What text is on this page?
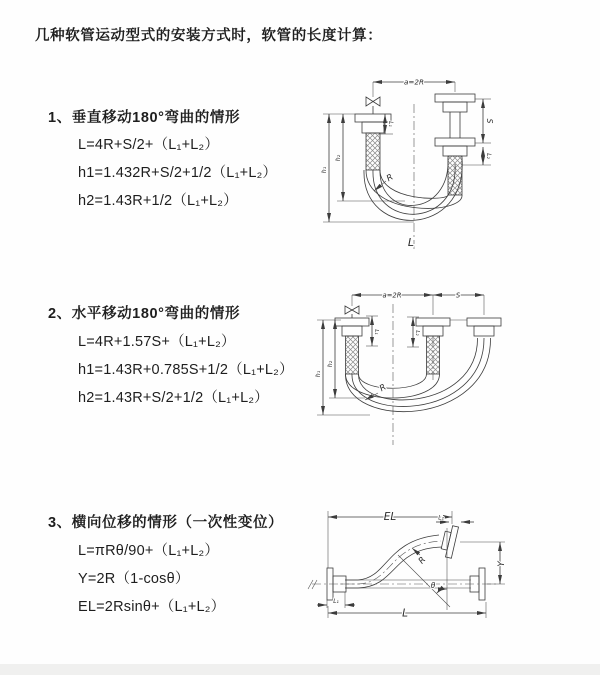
几种软管运动型式的安装方式时，软管的长度计算：
1、垂直移动180°弯曲的情形
L=4R+S/2+（L₁+L₂）
h1=1.432R+S/2+1/2（L₁+L₂）
h2=1.43R+1/2（L₁+L₂）
2、水平移动180°弯曲的情形
L=4R+1.57S+（L₁+L₂）
h1=1.43R+0.785S+1/2（L₁+L₂）
h2=1.43R+S/2+1/2（L₁+L₂）
3、横向位移的情形（一次性变位）
L=πRθ/90+（L₁+L₂）
Y=2R（1-cosθ）
EL=2Rsinθ+（L₁+L₂）
a=2R
L₁
S
L₂
h₁
h₂
R
L
a=2R	S
L₁	L₂
h₁
h₂
R
EL	L₂
Y
L
L₁
θ
R
